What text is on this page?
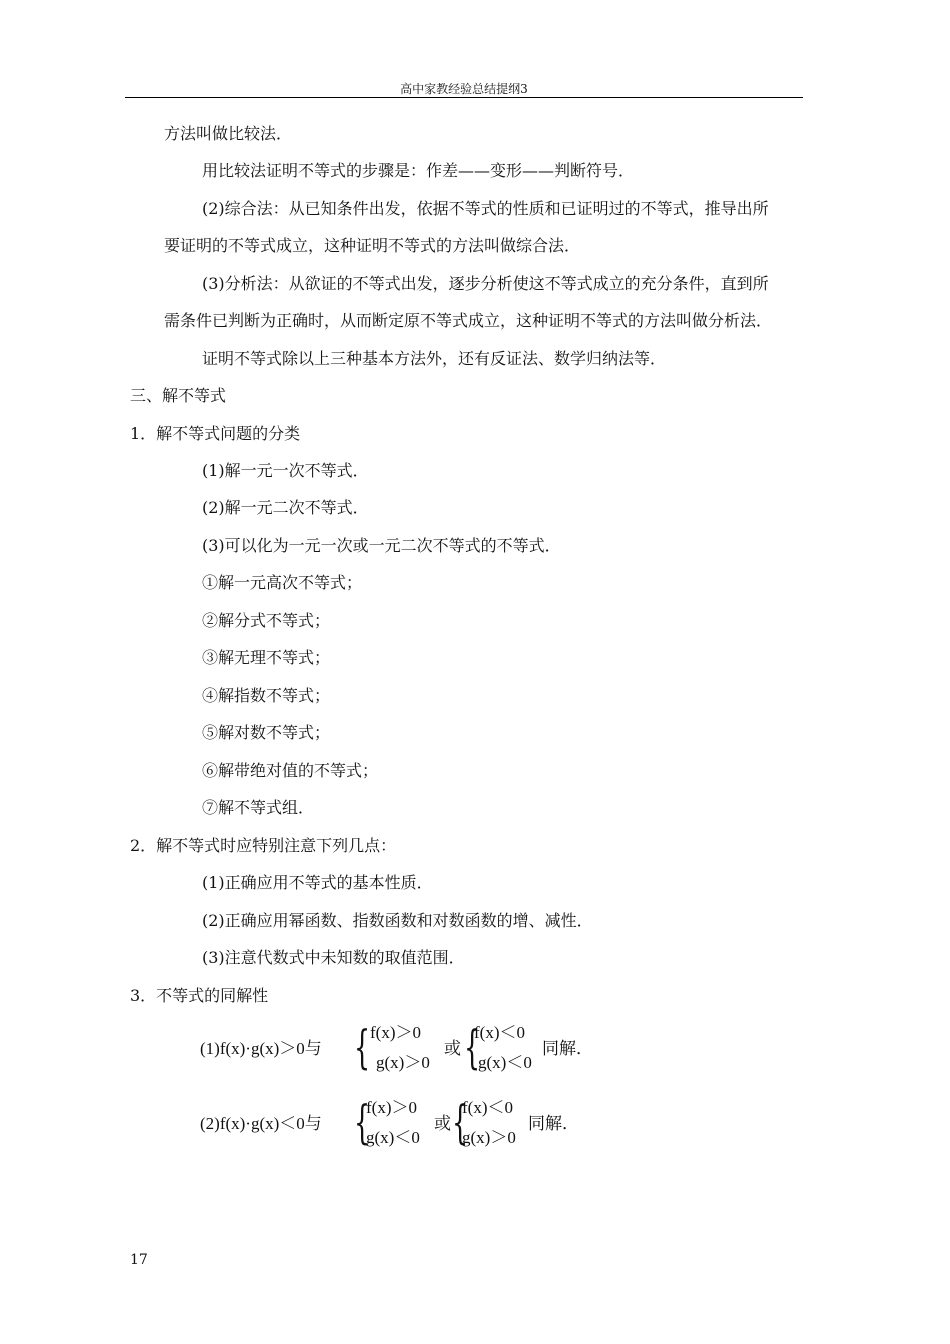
高中家教经验总结提纲3
方法叫做比较法．
用比较法证明不等式的步骤是：作差——变形——判断符号．
(2)综合法：从已知条件出发，依据不等式的性质和已证明过的不等式，推导出所
要证明的不等式成立，这种证明不等式的方法叫做综合法．
(3)分析法：从欲证的不等式出发，逐步分析使这不等式成立的充分条件，直到所
需条件已判断为正确时，从而断定原不等式成立，这种证明不等式的方法叫做分析法．
证明不等式除以上三种基本方法外，还有反证法、数学归纳法等．
三、解不等式
1．解不等式问题的分类
(1)解一元一次不等式．
(2)解一元二次不等式．
(3)可以化为一元一次或一元二次不等式的不等式．
①解一元高次不等式；
②解分式不等式；
③解无理不等式；
④解指数不等式；
⑤解对数不等式；
⑥解带绝对值的不等式；
⑦解不等式组．
2．解不等式时应特别注意下列几点：
(1)正确应用不等式的基本性质．
(2)正确应用幂函数、指数函数和对数函数的增、减性．
(3)注意代数式中未知数的取值范围．
3．不等式的同解性
(1)f(x)·g(x)＞0与 { f(x)＞0
g(x)＞0
或 {
f(x)＜0
g(x)＜0
同解．
(2)f(x)·g(x)＜0与 {
f(x)＞0
g(x)＜0
或 {
f(x)＜0
g(x)＞0
同解．
17
